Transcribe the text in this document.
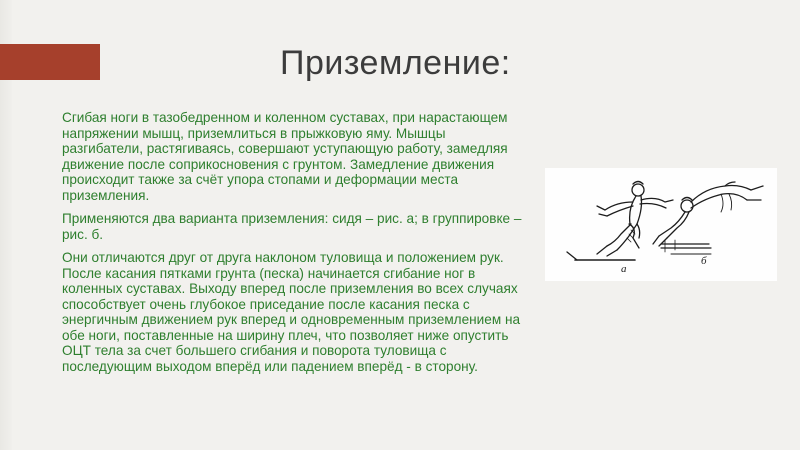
Приземление:

Сгибая ноги в тазобедренном и коленном суставах, при нарастающем напряжении мышц, приземлиться в прыжковую яму. Мышцы разгибатели, растягиваясь, совершают уступающую работу, замедляя движение после соприкосновения с грунтом. Замедление движения происходит также за счёт упора стопами и деформации места приземления.

Применяются два варианта приземления: сидя – рис. а; в группировке – рис. б.

Они отличаются друг от друга наклоном туловища и положением рук. После касания пятками грунта (песка) начинается сгибание ног в коленных суставах. Выходу вперед после приземления во всех случаях способствует очень глубокое приседание после касания песка с энергичным движением рук вперед и одновременным приземлением на обе ноги, поставленные на ширину плеч, что позволяет ниже опустить ОЦТ тела за счет большего сгибания и поворота туловища с последующим выходом вперёд или падением вперёд - в сторону.

а
б
